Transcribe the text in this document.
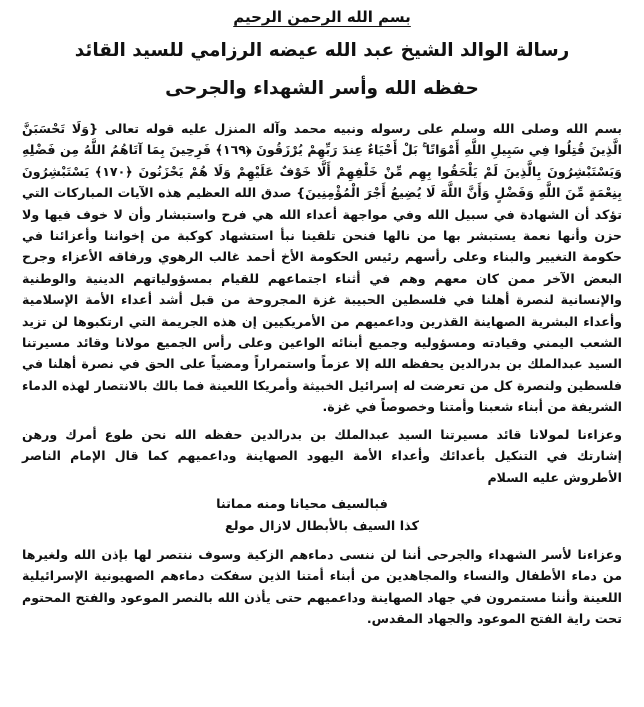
بسم الله الرحمن الرحيم

رسالة الوالد الشيخ عبد الله عيضه الرزامي للسيد القائد

حفظه الله وأسر الشهداء والجرحى

بسم الله وصلى الله وسلم على رسوله ونبيه محمد وآله المنزل عليه قوله تعالى {وَلَا تَحْسَبَنَّ الَّذِينَ قُتِلُوا فِي سَبِيلِ اللَّهِ أَمْوَاتًا ۚ بَلْ أَحْيَاءٌ عِندَ رَبِّهِمْ يُرْزَقُونَ ﴿١٦٩﴾ فَرِحِينَ بِمَا آتَاهُمُ اللَّهُ مِن فَضْلِهِ وَيَسْتَبْشِرُونَ بِالَّذِينَ لَمْ يَلْحَقُوا بِهِم مِّنْ خَلْفِهِمْ أَلَّا خَوْفٌ عَلَيْهِمْ وَلَا هُمْ يَحْزَنُونَ ﴿١٧٠﴾ يَسْتَبْشِرُونَ بِنِعْمَةٍ مِّنَ اللَّهِ وَفَضْلٍ وَأَنَّ اللَّهَ لَا يُضِيعُ أَجْرَ الْمُؤْمِنِينَ} صدق الله العظيم هذه الآيات المباركات التي تؤكد أن الشهادة في سبيل الله وفي مواجهة أعداء الله هي فرح واستبشار وأن لا خوف فيها ولا حزن وأنها نعمة يستبشر بها من نالها فنحن تلقينا نبأ استشهاد كوكبة من إخواننا وأعزائنا في حكومة التغيير والبناء وعلى رأسهم رئيس الحكومة الأخ أحمد غالب الرهوي ورفاقه الأعزاء وجرح البعض الآخر ممن كان معهم وهم في أثناء اجتماعهم للقيام بمسؤولياتهم الدينية والوطنية والإنسانية لنصرة أهلنا في فلسطين الحبيبة غزة المجروحة من قبل أشد أعداء الأمة الإسلامية وأعداء البشرية الصهاينة القذرين وداعميهم من الأمريكيين إن هذه الجريمة التي ارتكبوها لن تزيد الشعب اليمني وقيادته ومسؤوليه وجميع أبنائه الواعين وعلى رأس الجميع مولانا وقائد مسيرتنا السيد عبدالملك بن بدرالدين يحفظه الله إلا عزماً واستمراراً ومضياً على الحق في نصرة أهلنا في فلسطين ولنصرة كل من تعرضت له إسرائيل الخبيثة وأمريكا اللعينة فما بالك بالانتصار لهذه الدماء الشريفة من أبناء شعبنا وأمتنا وخصوصاً في غزة.

وعزاءنا لمولانا قائد مسيرتنا السيد عبدالملك بن بدرالدين حفظه الله نحن طوع أمرك ورهن إشارتك في التنكيل بأعدائك وأعداء الأمة اليهود الصهاينة وداعميهم كما قال الإمام الناصر الأطروش عليه السلام

فبالسيف محيانا ومنه مماتنا
كذا السيف بالأبطال لازال مولع

وعزاءنا لأسر الشهداء والجرحى أننا لن ننسى دماءهم الزكية وسوف ننتصر لها بإذن الله ولغيرها من دماء الأطفال والنساء والمجاهدين من أبناء أمتنا الذين سفكت دماءهم الصهيونية الإسرائيلية اللعينة وأننا مستمرون في جهاد الصهاينة وداعميهم حتى يأذن الله بالنصر الموعود والفتح المحتوم تحت راية الفتح الموعود والجهاد المقدس.
